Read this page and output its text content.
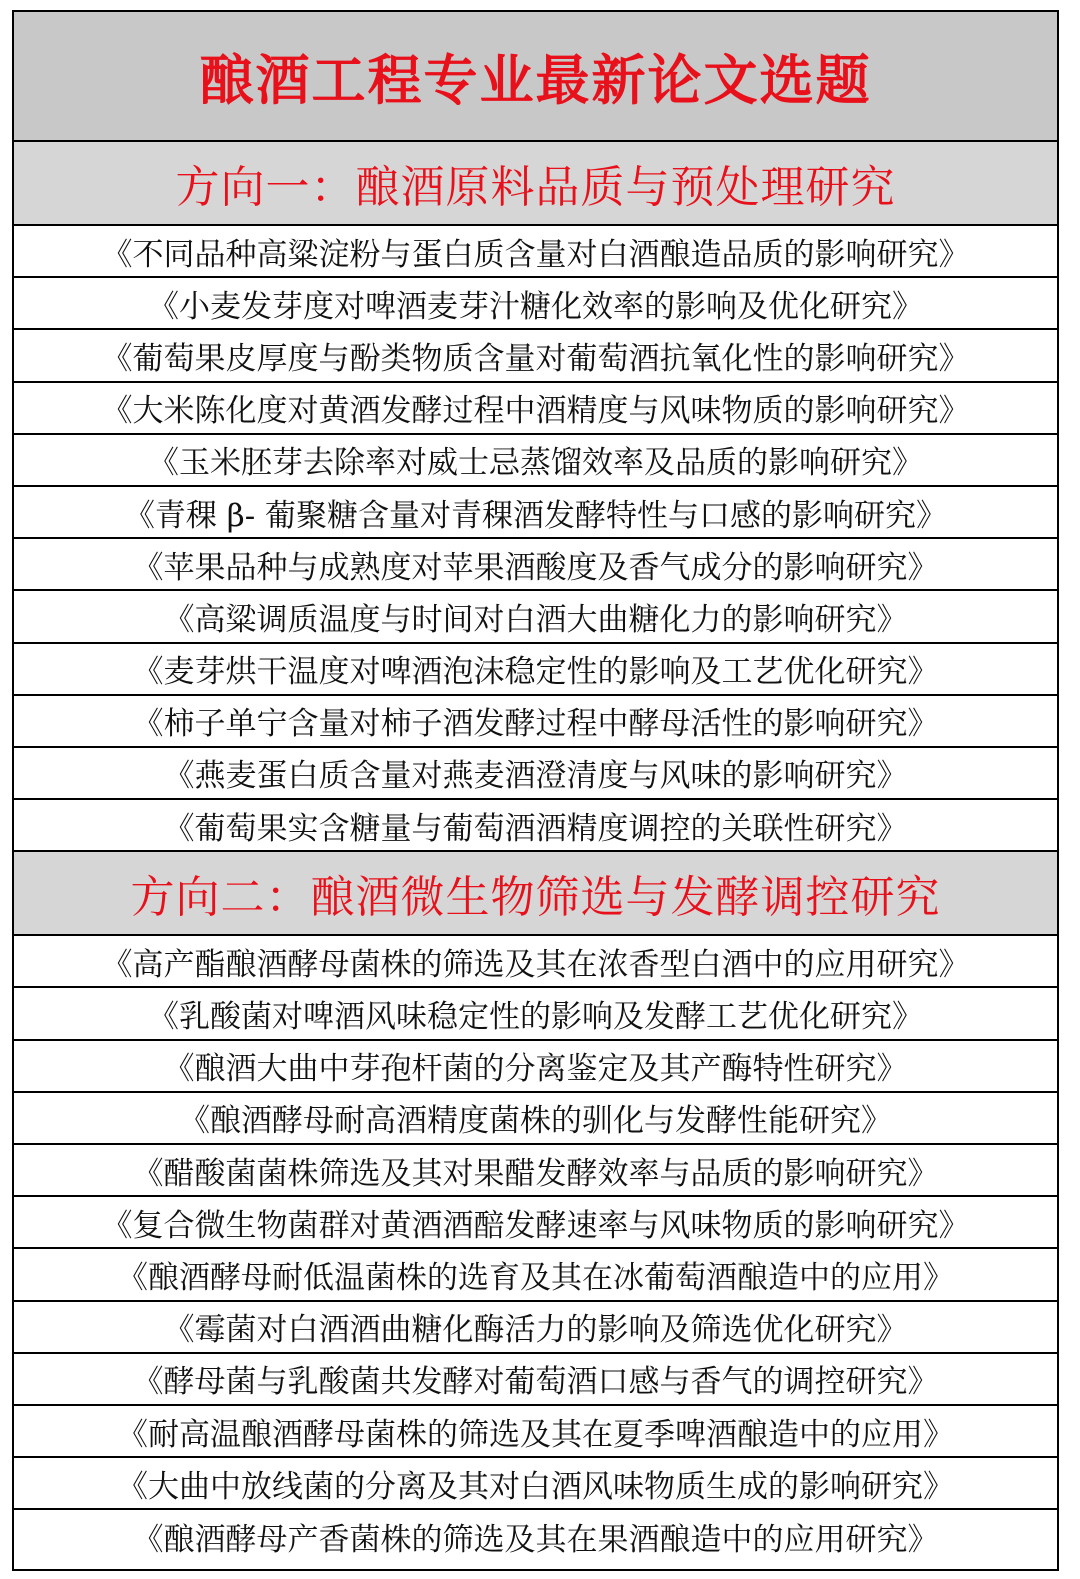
酿酒工程专业最新论文选题
方向一：酿酒原料品质与预处理研究
《不同品种高粱淀粉与蛋白质含量对白酒酿造品质的影响研究》
《小麦发芽度对啤酒麦芽汁糖化效率的影响及优化研究》
《葡萄果皮厚度与酚类物质含量对葡萄酒抗氧化性的影响研究》
《大米陈化度对黄酒发酵过程中酒精度与风味物质的影响研究》
《玉米胚芽去除率对威士忌蒸馏效率及品质的影响研究》
《青稞 β- 葡聚糖含量对青稞酒发酵特性与口感的影响研究》
《苹果品种与成熟度对苹果酒酸度及香气成分的影响研究》
《高粱调质温度与时间对白酒大曲糖化力的影响研究》
《麦芽烘干温度对啤酒泡沫稳定性的影响及工艺优化研究》
《柿子单宁含量对柿子酒发酵过程中酵母活性的影响研究》
《燕麦蛋白质含量对燕麦酒澄清度与风味的影响研究》
《葡萄果实含糖量与葡萄酒酒精度调控的关联性研究》
方向二：酿酒微生物筛选与发酵调控研究
《高产酯酿酒酵母菌株的筛选及其在浓香型白酒中的应用研究》
《乳酸菌对啤酒风味稳定性的影响及发酵工艺优化研究》
《酿酒大曲中芽孢杆菌的分离鉴定及其产酶特性研究》
《酿酒酵母耐高酒精度菌株的驯化与发酵性能研究》
《醋酸菌菌株筛选及其对果醋发酵效率与品质的影响研究》
《复合微生物菌群对黄酒酒醅发酵速率与风味物质的影响研究》
《酿酒酵母耐低温菌株的选育及其在冰葡萄酒酿造中的应用》
《霉菌对白酒酒曲糖化酶活力的影响及筛选优化研究》
《酵母菌与乳酸菌共发酵对葡萄酒口感与香气的调控研究》
《耐高温酿酒酵母菌株的筛选及其在夏季啤酒酿造中的应用》
《大曲中放线菌的分离及其对白酒风味物质生成的影响研究》
《酿酒酵母产香菌株的筛选及其在果酒酿造中的应用研究》
